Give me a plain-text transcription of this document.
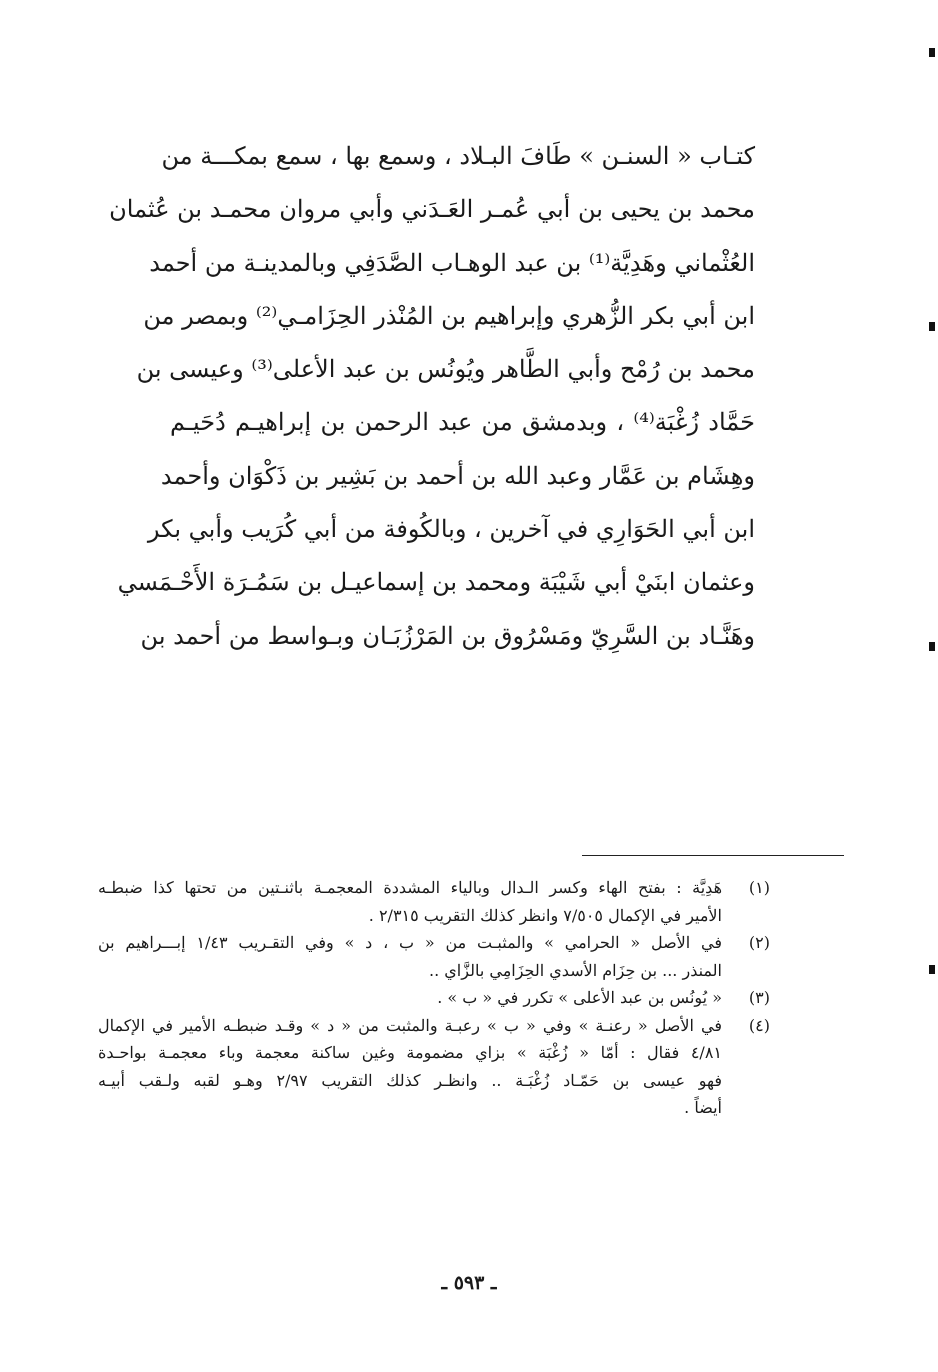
كتـاب « السنـن » طَافَ البـلاد ، وسمع بها ، سمع بمكـــة من
محمد بن يحيى بن أبي عُمـر العَـدَني وأبي مروان محمـد بن عُثمان
العُثْماني وهَدِيَّة⁽¹⁾ بن عبد الوهـاب الصَّدَفِي وبالمدينـة من أحمد
ابن أبي بكر الزُّهري وإبراهيم بن المُنْذر الحِزَامـي⁽²⁾ وبمصر من
محمد بن رُمْح وأبي الطَّاهر ويُونُس بن عبد الأعلى⁽³⁾ وعيسى بن
حَمَّاد زُغْبَة⁽⁴⁾ ، وبدمشق من عبد الرحمن بن إبراهيـم دُحَيـم
وهِشَام بن عَمَّار وعبد الله بن أحمد بن بَشِير بن ذَكْوَان وأحمد
ابن أبي الحَوَارِي في آخرين ، وبالكُوفة من أبي كُرَيب وأبي بكر
وعثمان ابنَيْ أبي شَيْبَة ومحمد بن إسماعيـل بن سَمُـرَة الأَحْـمَسي
وهَنَّـاد بن السَّرِيّ ومَسْرُوق بن المَرْزُبَـان وبـواسط من أحمد بن
(١)
هَدِيَّة : بفتح الهاء وكسر الـدال وبالياء المشددة المعجمـة باثنـتين من تحتها كذا ضبطـه
الأمير في الإكمال ٧/٥٠٥ وانظر كذلك التقريب ٢/٣١٥ .
(٢)
في الأصل « الحرامي » والمثبـت من « ب ، د » وفي التقـريب ١/٤٣ إبـــراهيم بن
المنذر ... بن حِزَام الأسدي الحِزَامِي بالزَّاي ..
(٣)
« يُونُس بن عبد الأعلى » تكرر في « ب » .
(٤)
في الأصل « رعنـة » وفي « ب » رعبـة والمثبت من « د » وقـد ضبطـه الأمير في الإكمال
٤/٨١ فقال : أمّا « زُغْبَة » بزاي مضمومة وغين ساكنة معجمة وباء معجمـة بواحـدة
فهو عيسى بن حَمّـاد زُغْبَـة .. وانظـر كذلك التقريب ٢/٩٧ وهـو لقبه ولـقب أبيـه
أيضاً .
ـ ٥٩٣ ـ
